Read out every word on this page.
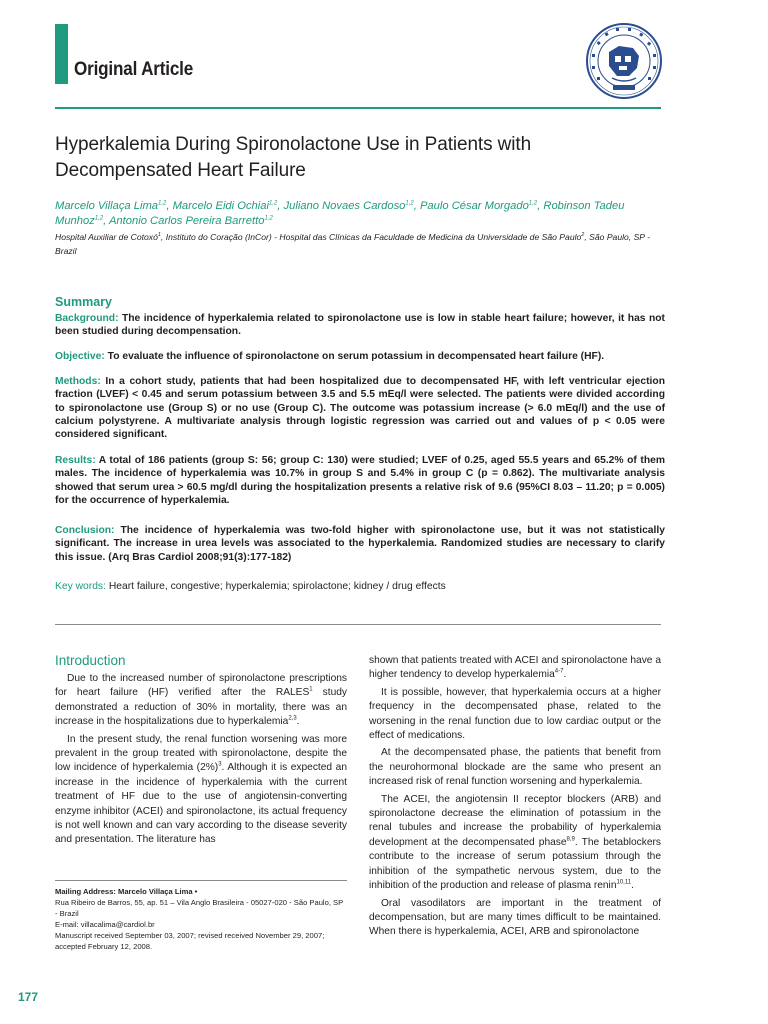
Original Article
Hyperkalemia During Spironolactone Use in Patients with Decompensated Heart Failure
Marcelo Villaça Lima$^{1,2}$, Marcelo Eidi Ochiai$^{1,2}$, Juliano Novaes Cardoso$^{1,2}$, Paulo César Morgado$^{1,2}$, Robinson Tadeu Munhoz$^{1,2}$, Antonio Carlos Pereira Barretto$^{1,2}$
Hospital Auxiliar de Cotoxó$^1$, Instituto do Coração (InCor) - Hospital das Clínicas da Faculdade de Medicina da Universidade de São Paulo$^2$, São Paulo, SP - Brazil
Summary
Background: The incidence of hyperkalemia related to spironolactone use is low in stable heart failure; however, it has not been studied during decompensation.
Objective: To evaluate the influence of spironolactone on serum potassium in decompensated heart failure (HF).
Methods: In a cohort study, patients that had been hospitalized due to decompensated HF, with left ventricular ejection fraction (LVEF) < 0.45 and serum potassium between 3.5 and 5.5 mEq/l were selected. The patients were divided according to spironolactone use (Group S) or no use (Group C). The outcome was potassium increase (> 6.0 mEq/l) and the use of calcium polystyrene. A multivariate analysis through logistic regression was carried out and values of p < 0.05 were considered significant.
Results: A total of 186 patients (group S: 56; group C: 130) were studied; LVEF of 0.25, aged 55.5 years and 65.2% of them males. The incidence of hyperkalemia was 10.7% in group S and 5.4% in group C (p = 0.862). The multivariate analysis showed that serum urea > 60.5 mg/dl during the hospitalization presents a relative risk of 9.6 (95%CI 8.03 – 11.20; p = 0.005) for the occurrence of hyperkalemia.
Conclusion: The incidence of hyperkalemia was two-fold higher with spironolactone use, but it was not statistically significant. The increase in urea levels was associated to the hyperkalemia. Randomized studies are necessary to clarify this issue. (Arq Bras Cardiol 2008;91(3):177-182)
Key words: Heart failure, congestive; hyperkalemia; spirolactone; kidney / drug effects
Introduction

Due to the increased number of spironolactone prescriptions for heart failure (HF) verified after the RALES$^1$ study demonstrated a reduction of 30% in mortality, there was an increase in the hospitalizations due to hyperkalemia$^{2,3}$.

In the present study, the renal function worsening was more prevalent in the group treated with spironolactone, despite the low incidence of hyperkalemia $(2\%)^3$. Although it is expected an increase in the incidence of hyperkalemia with the current treatment of HF due to the use of angiotensin-converting enzyme inhibitor (ACEI) and spironolactone, its actual frequency is not well known and can vary according to the disease severity and presentation. The literature has

shown that patients treated with ACEI and spironolactone have a higher tendency to develop hyperkalemia$^{4-7}$.

It is possible, however, that hyperkalemia occurs at a higher frequency in the decompensated phase, related to the worsening in the renal function due to low cardiac output or the effect of medications.

At the decompensated phase, the patients that benefit from the neurohormonal blockade are the same who present an increased risk of renal function worsening and hyperkalemia.

The ACEI, the angiotensin II receptor blockers (ARB) and spironolactone decrease the elimination of potassium in the renal tubules and increase the probability of hyperkalemia development at the decompensated phase$^{8,9}$. The betablockers contribute to the increase of serum potassium through the inhibition of the sympathetic nervous system, due to the inhibition of the production and release of plasma renin$^{10,11}$.

Oral vasodilators are important in the treatment of decompensation, but are many times difficult to be maintained. When there is hyperkalemia, ACEI, ARB and spironolactone

Mailing Address: Marcelo Villaça Lima •
Rua Ribeiro de Barros, 55, ap. 51 – Vila Anglo Brasileira - 05027-020 - São Paulo, SP - Brazil
E-mail: villacalima@cardiol.br
Manuscript received September 03, 2007; revised received November 29, 2007; accepted February 12, 2008.
177
